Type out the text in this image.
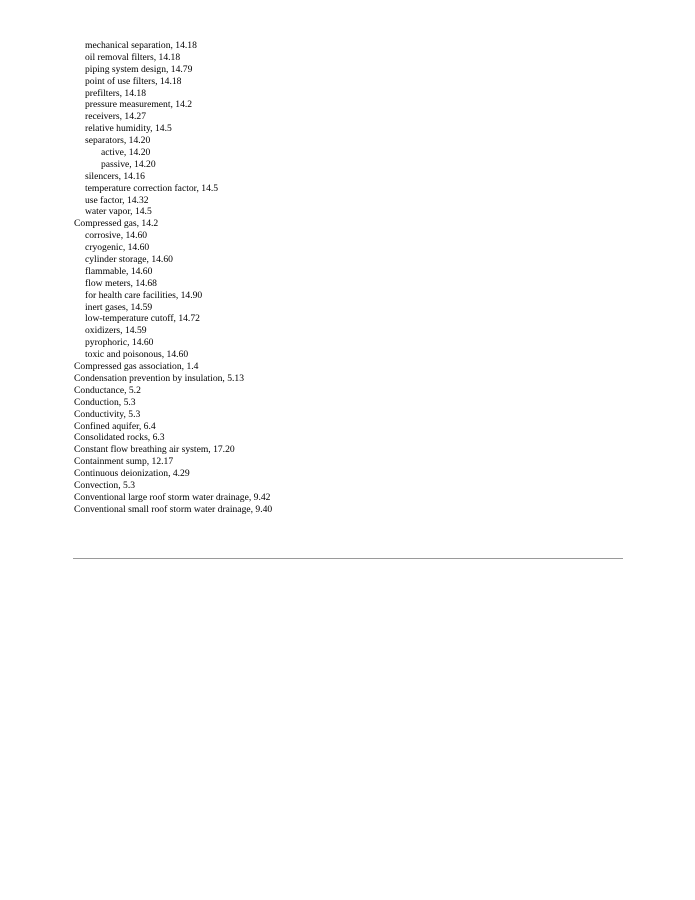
mechanical separation, 14.18
oil removal filters, 14.18
piping system design, 14.79
point of use filters, 14.18
prefilters, 14.18
pressure measurement, 14.2
receivers, 14.27
relative humidity, 14.5
separators, 14.20
active, 14.20
passive, 14.20
silencers, 14.16
temperature correction factor, 14.5
use factor, 14.32
water vapor, 14.5
Compressed gas, 14.2
corrosive, 14.60
cryogenic, 14.60
cylinder storage, 14.60
flammable, 14.60
flow meters, 14.68
for health care facilities, 14.90
inert gases, 14.59
low-temperature cutoff, 14.72
oxidizers, 14.59
pyrophoric, 14.60
toxic and poisonous, 14.60
Compressed gas association, 1.4
Condensation prevention by insulation, 5.13
Conductance, 5.2
Conduction, 5.3
Conductivity, 5.3
Confined aquifer, 6.4
Consolidated rocks, 6.3
Constant flow breathing air system, 17.20
Containment sump, 12.17
Continuous deionization, 4.29
Convection, 5.3
Conventional large roof storm water drainage, 9.42
Conventional small roof storm water drainage, 9.40
